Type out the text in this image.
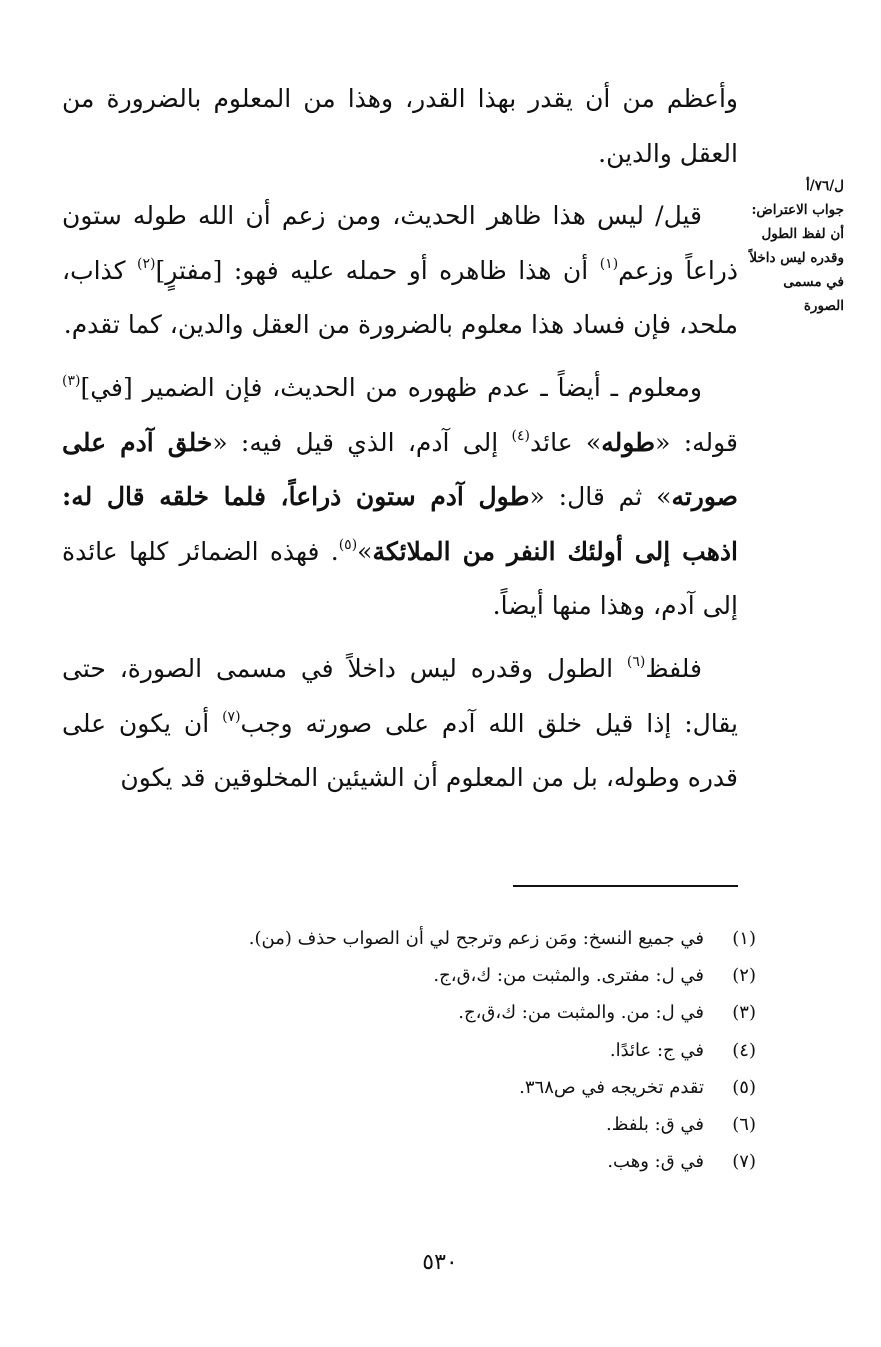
وأعظم من أن يقدر بهذا القدر، وهذا من المعلوم بالضرورة من العقل والدين.

قيل/ ليس هذا ظاهر الحديث، ومن زعم أن الله طوله ستون ذراعاً وزعم$^{(١)}$ أن هذا ظاهره أو حمله عليه فهو: [مفترٍ]$^{(٢)}$ كذاب، ملحد، فإن فساد هذا معلوم بالضرورة من العقل والدين، كما تقدم.

ومعلوم ـ أيضاً ـ عدم ظهوره من الحديث، فإن الضمير [في]$^{(٣)}$ قوله: «طوله» عائد$^{(٤)}$ إلى آدم، الذي قيل فيه: «خلق آدم على صورته» ثم قال: «طول آدم ستون ذراعاً، فلما خلقه قال له: اذهب إلى أولئك النفر من الملائكة»$^{(٥)}$. فهذه الضمائر كلها عائدة إلى آدم، وهذا منها أيضاً.

فلفظ$^{(٦)}$ الطول وقدره ليس داخلاً في مسمى الصورة، حتى يقال: إذا قيل خلق الله آدم على صورته وجب$^{(٧)}$ أن يكون على قدره وطوله، بل من المعلوم أن الشيئين المخلوقين قد يكون

ل/٧٦/أ
جواب الاعتراض: أن لفظ الطول وقدره ليس داخلاً في مسمى الصورة
(١)
في جميع النسخ: ومَن زعم وترجح لي أن الصواب حذف (من).
(٢)
في ل: مفترى. والمثبت من: ك،ق،ج.
(٣)
في ل: من. والمثبت من: ك،ق،ج.
(٤)
في ج: عائدًا.
(٥)
تقدم تخريجه في ص٣٦٨.
(٦)
في ق: بلفظ.
(٧)
في ق: وهب.
٥٣٠
